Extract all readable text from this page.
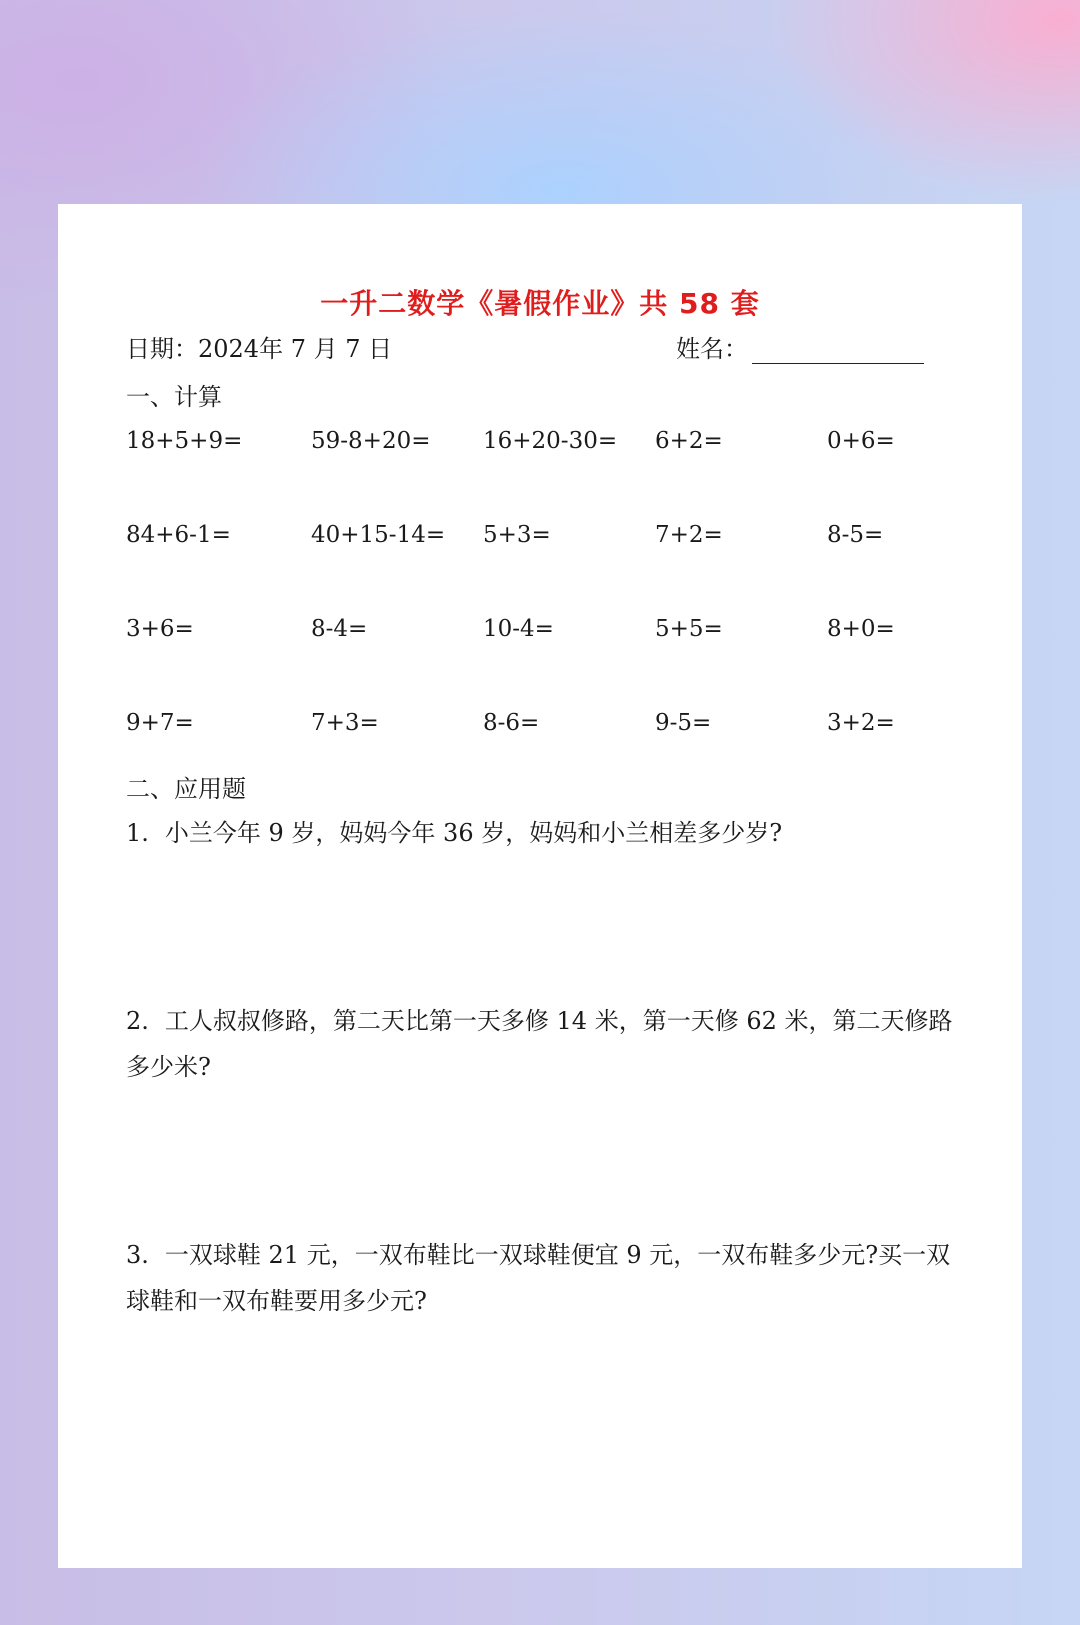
一升二数学《暑假作业》共 58 套
日期：2024年 7 月 7 日	姓名：
一、计算
18+5+9=	59-8+20=	16+20-30=	6+2=	0+6=
84+6-1=	40+15-14=	5+3=	7+2=	8-5=
3+6=	8-4=	10-4=	5+5=	8+0=
9+7=	7+3=	8-6=	9-5=	3+2=
二、应用题
1. 小兰今年 9 岁，妈妈今年 36 岁，妈妈和小兰相差多少岁?
2. 工人叔叔修路，第二天比第一天多修 14 米，第一天修 62 米，第二天修路多少米?
3. 一双球鞋 21 元，一双布鞋比一双球鞋便宜 9 元，一双布鞋多少元?买一双球鞋和一双布鞋要用多少元?
